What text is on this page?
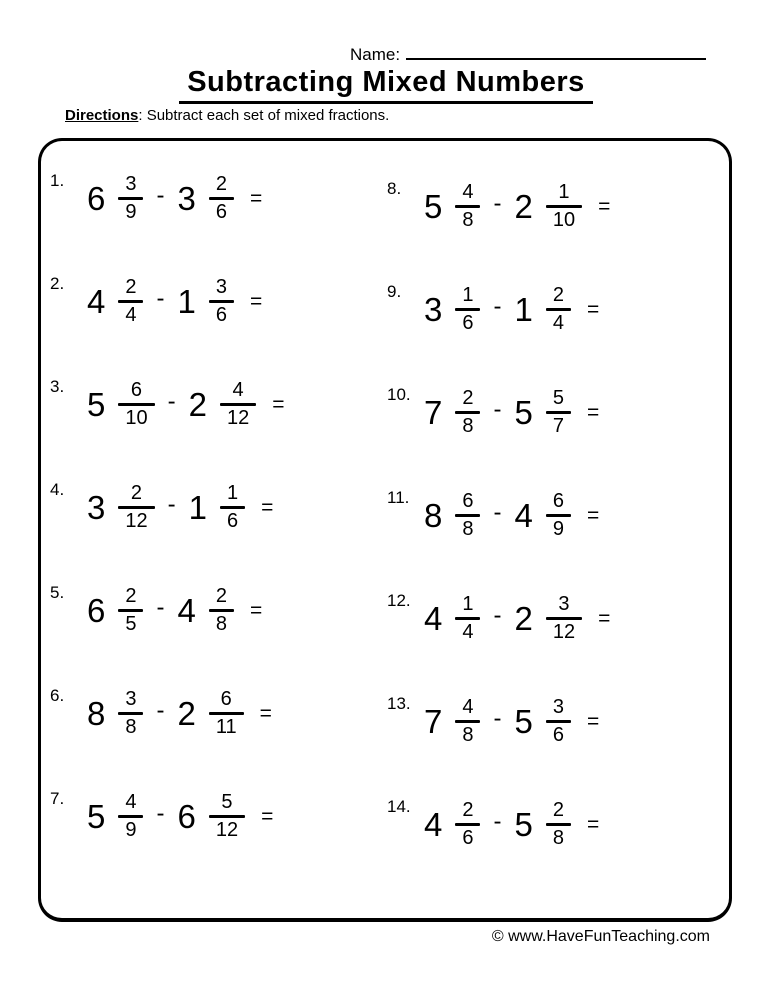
Name:
Subtracting Mixed Numbers
Directions: Subtract each set of mixed fractions.
1. $6 \frac{3}{9} - 3 \frac{2}{6}$ =
2. $4 \frac{2}{4} - 1 \frac{3}{6}$ =
3. $5 \frac{6}{10} - 2 \frac{4}{12}$ =
4. $3 \frac{2}{12} - 1 \frac{1}{6}$ =
5. $6 \frac{2}{5} - 4 \frac{2}{8}$ =
6. $8 \frac{3}{8} - 2 \frac{6}{11}$ =
7. $5 \frac{4}{9} - 6 \frac{5}{12}$ =
8. $5 \frac{4}{8} - 2 \frac{1}{10}$ =
9. $3 \frac{1}{6} - 1 \frac{2}{4}$ =
10. $7 \frac{2}{8} - 5 \frac{5}{7}$ =
11. $8 \frac{6}{8} - 4 \frac{6}{9}$ =
12. $4 \frac{1}{4} - 2 \frac{3}{12}$ =
13. $7 \frac{4}{8} - 5 \frac{3}{6}$ =
14. $4 \frac{2}{6} - 5 \frac{2}{8}$ =
© www.HaveFunTeaching.com
